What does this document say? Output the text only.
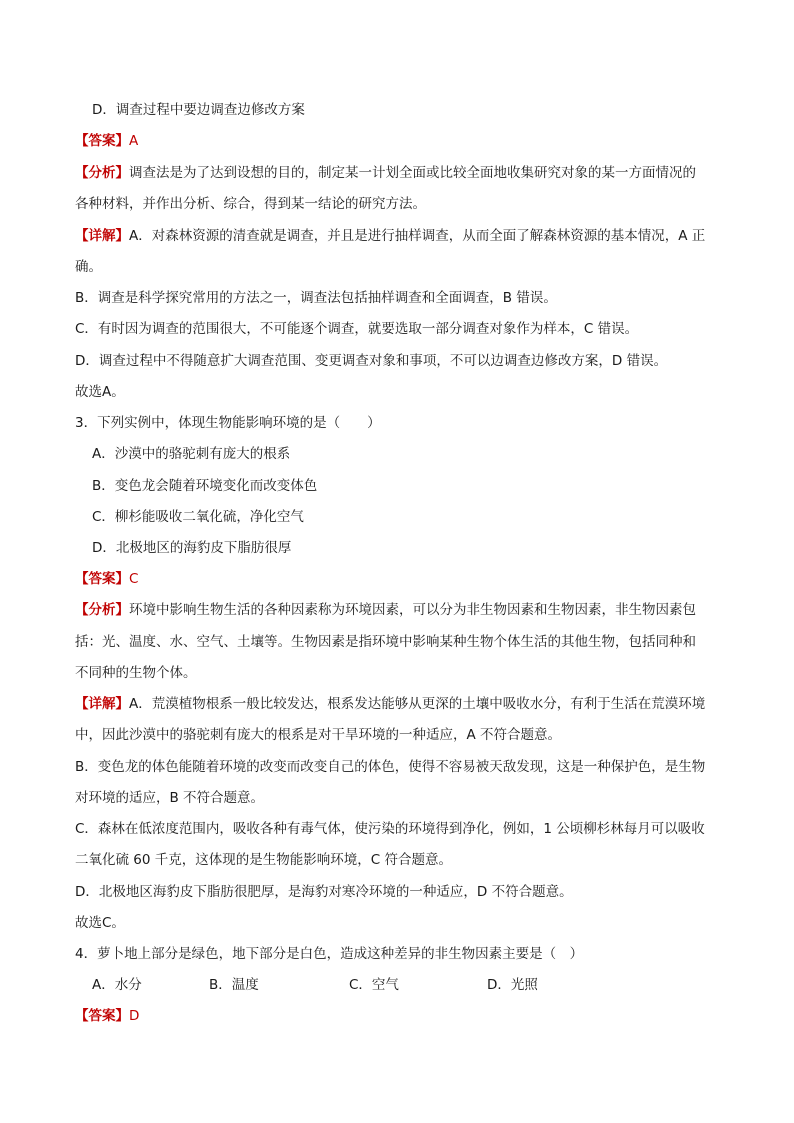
D．调查过程中要边调查边修改方案
【答案】A
【分析】调查法是为了达到设想的目的，制定某一计划全面或比较全面地收集研究对象的某一方面情况的
各种材料，并作出分析、综合，得到某一结论的研究方法。
【详解】A．对森林资源的清查就是调查，并且是进行抽样调查，从而全面了解森林资源的基本情况，A 正
确。
B．调查是科学探究常用的方法之一，调查法包括抽样调查和全面调查，B 错误。
C．有时因为调查的范围很大，不可能逐个调查，就要选取一部分调查对象作为样本，C 错误。
D．调查过程中不得随意扩大调查范围、变更调查对象和事项，不可以边调查边修改方案，D 错误。
故选A。
3．下列实例中，体现生物能影响环境的是（　　）
A．沙漠中的骆驼刺有庞大的根系
B．变色龙会随着环境变化而改变体色
C．柳杉能吸收二氧化硫，净化空气
D．北极地区的海豹皮下脂肪很厚
【答案】C
【分析】环境中影响生物生活的各种因素称为环境因素，可以分为非生物因素和生物因素，非生物因素包
括：光、温度、水、空气、土壤等。生物因素是指环境中影响某种生物个体生活的其他生物，包括同种和
不同种的生物个体。
【详解】A．荒漠植物根系一般比较发达，根系发达能够从更深的土壤中吸收水分，有利于生活在荒漠环境
中，因此沙漠中的骆驼刺有庞大的根系是对干旱环境的一种适应，A 不符合题意。
B．变色龙的体色能随着环境的改变而改变自己的体色，使得不容易被天敌发现，这是一种保护色，是生物
对环境的适应，B 不符合题意。
C．森林在低浓度范围内，吸收各种有毒气体，使污染的环境得到净化，例如，1 公顷柳杉林每月可以吸收
二氧化硫 60 千克，这体现的是生物能影响环境，C 符合题意。
D．北极地区海豹皮下脂肪很肥厚，是海豹对寒冷环境的一种适应，D 不符合题意。
故选C。
4．萝卜地上部分是绿色，地下部分是白色，造成这种差异的非生物因素主要是（　）
A．水分	B．温度	C．空气	D．光照
【答案】D
